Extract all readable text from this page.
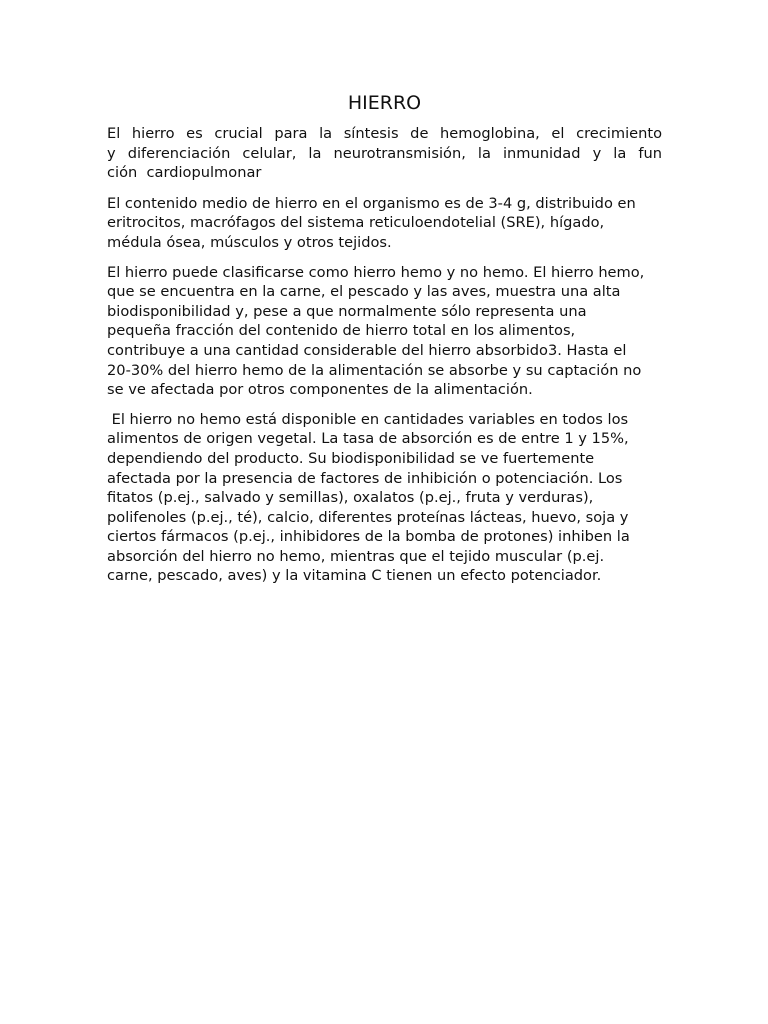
HIERRO

El hierro es crucial para la síntesis de hemoglobina, el crecimiento
y diferenciación celular, la neurotransmisión, la inmunidad y la fun
ción  cardiopulmonar

El contenido medio de hierro en el organismo es de 3-4 g, distribuido en
eritrocitos, macrófagos del sistema reticuloendotelial (SRE), hígado,
médula ósea, músculos y otros tejidos.

El hierro puede clasificarse como hierro hemo y no hemo. El hierro hemo,
que se encuentra en la carne, el pescado y las aves, muestra una alta
biodisponibilidad y, pese a que normalmente sólo representa una
pequeña fracción del contenido de hierro total en los alimentos,
contribuye a una cantidad considerable del hierro absorbido3. Hasta el
20-30% del hierro hemo de la alimentación se absorbe y su captación no
se ve afectada por otros componentes de la alimentación.

El hierro no hemo está disponible en cantidades variables en todos los
alimentos de origen vegetal. La tasa de absorción es de entre 1 y 15%,
dependiendo del producto. Su biodisponibilidad se ve fuertemente
afectada por la presencia de factores de inhibición o potenciación. Los
fitatos (p.ej., salvado y semillas), oxalatos (p.ej., fruta y verduras),
polifenoles (p.ej., té), calcio, diferentes proteínas lácteas, huevo, soja y
ciertos fármacos (p.ej., inhibidores de la bomba de protones) inhiben la
absorción del hierro no hemo, mientras que el tejido muscular (p.ej.
carne, pescado, aves) y la vitamina C tienen un efecto potenciador.
